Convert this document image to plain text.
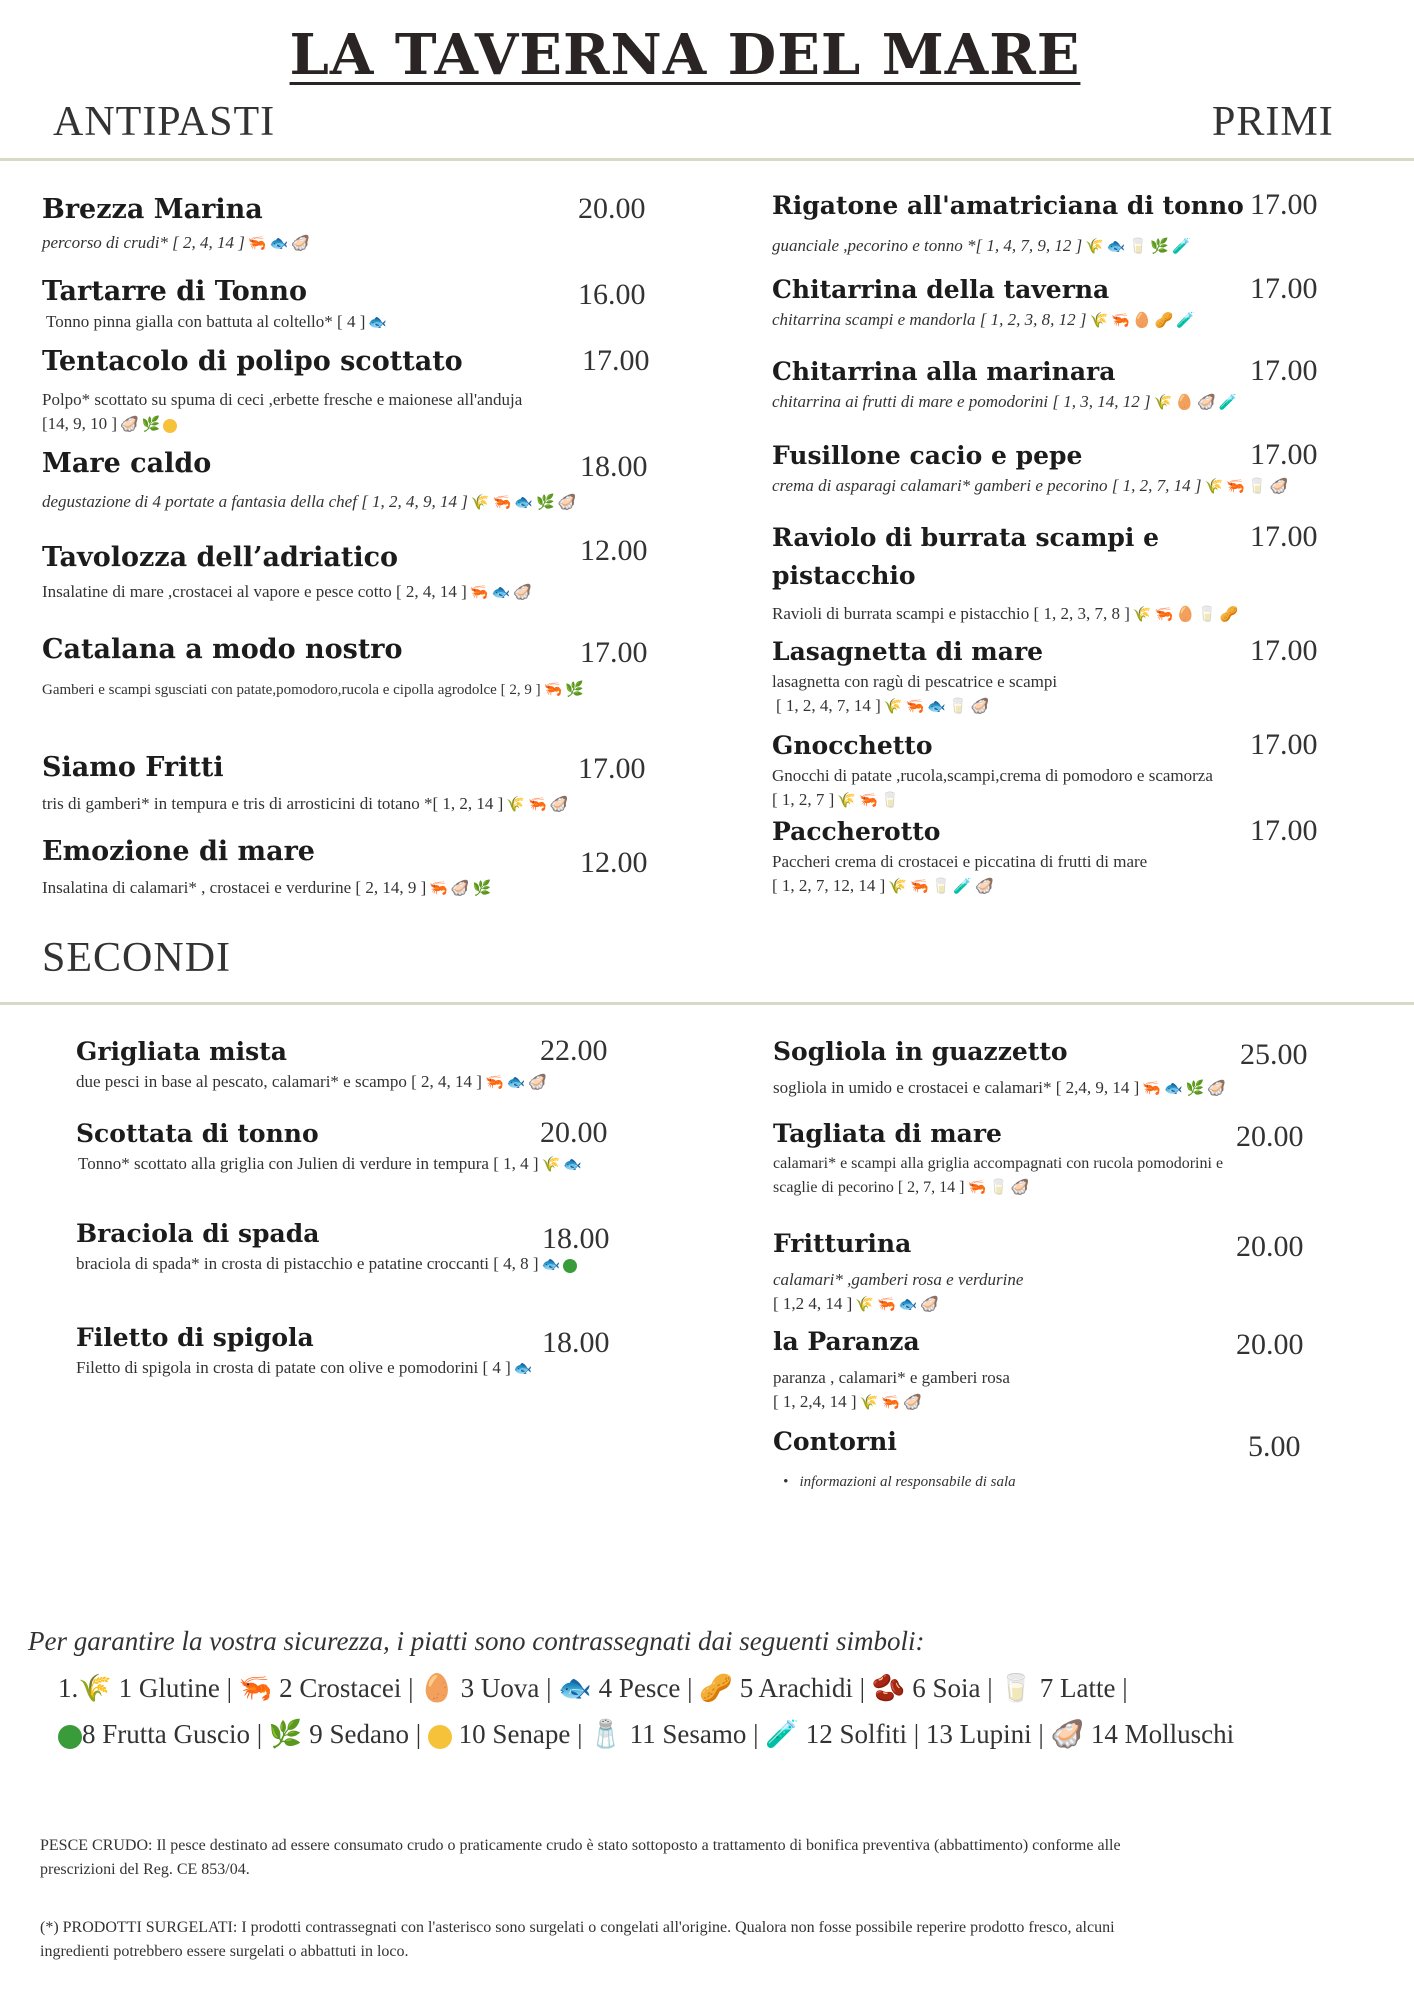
LA TAVERNA DEL MARE
ANTIPASTI	PRIMI
Brezza Marina
percorso di crudi* [ 2, 4, 14 ] 🦐 🐟 🦪
20.00
Tartarre di Tonno
Tonno pinna gialla con battuta al coltello* [ 4 ] 🐟
16.00
Tentacolo di polipo scottato
Polpo* scottato su spuma di ceci ,erbette fresche e maionese all'anduja
[14, 9, 10 ] 🦪 🌿
17.00
Mare caldo
degustazione di 4 portate a fantasia della chef [ 1, 2, 4, 9, 14 ] 🌾 🦐 🐟 🌿 🦪
18.00
Tavolozza dell’adriatico
Insalatine di mare ,crostacei al vapore e pesce cotto [ 2, 4, 14 ] 🦐 🐟 🦪
12.00
Catalana a modo nostro
Gamberi e scampi sgusciati con patate,pomodoro,rucola e cipolla agrodolce [ 2, 9 ] 🦐 🌿
17.00
Siamo Fritti
tris di gamberi* in tempura e tris di arrosticini di totano *[ 1, 2, 14 ] 🌾 🦐 🦪
17.00
Emozione di mare
Insalatina di calamari* , crostacei e verdurine [ 2, 14, 9 ] 🦐 🦪 🌿
12.00
Rigatone all'amatriciana di tonno
guanciale ,pecorino e tonno *[ 1, 4, 7, 9, 12 ] 🌾 🐟 🥛 🌿 🧪
17.00
Chitarrina della taverna
chitarrina scampi e mandorla [ 1, 2, 3, 8, 12 ] 🌾 🦐 🥚 🥜 🧪
17.00
Chitarrina alla marinara
chitarrina ai frutti di mare e pomodorini [ 1, 3, 14, 12 ] 🌾 🥚 🦪 🧪
17.00
Fusillone cacio e pepe
crema di asparagi calamari* gamberi e pecorino [ 1, 2, 7, 14 ] 🌾 🦐 🥛 🦪
17.00
Raviolo di burrata scampi e
pistacchio
Ravioli di burrata scampi e pistacchio [ 1, 2, 3, 7, 8 ] 🌾 🦐 🥚 🥛 🥜
17.00
Lasagnetta di mare
lasagnetta con ragù di pescatrice e scampi
[ 1, 2, 4, 7, 14 ] 🌾 🦐 🐟 🥛 🦪
17.00
Gnocchetto
Gnocchi di patate ,rucola,scampi,crema di pomodoro e scamorza
[ 1, 2, 7 ] 🌾 🦐 🥛
17.00
Paccherotto
Paccheri crema di crostacei e piccatina di frutti di mare
[ 1, 2, 7, 12, 14 ] 🌾 🦐 🥛 🧪 🦪
17.00
SECONDI
Grigliata mista
due pesci in base al pescato, calamari* e scampo [ 2, 4, 14 ] 🦐 🐟 🦪
22.00
Scottata di tonno
Tonno* scottato alla griglia con Julien di verdure in tempura [ 1, 4 ] 🌾 🐟
20.00
Braciola di spada
braciola di spada* in crosta di pistacchio e patatine croccanti [ 4, 8 ] 🐟
18.00
Filetto di spigola
Filetto di spigola in crosta di patate con olive e pomodorini [ 4 ] 🐟
18.00
Sogliola in guazzetto
sogliola in umido e crostacei e calamari* [ 2,4, 9, 14 ] 🦐 🐟 🌿 🦪
25.00
Tagliata di mare
calamari* e scampi alla griglia accompagnati con rucola pomodorini e
scaglie di pecorino [ 2, 7, 14 ] 🦐 🥛 🦪
20.00
Fritturina
calamari* ,gamberi rosa e verdurine
[ 1,2 4, 14 ] 🌾 🦐 🐟 🦪
20.00
la Paranza
paranza , calamari* e gamberi rosa
[ 1, 2,4, 14 ] 🌾 🦐 🦪
20.00
Contorni
•   informazioni al responsabile di sala
5.00
Per garantire la vostra sicurezza, i piatti sono contrassegnati dai seguenti simboli:
1.🌾 1 Glutine | 🦐 2 Crostacei | 🥚 3 Uova | 🐟 4 Pesce | 🥜 5 Arachidi | 🫘 6 Soia | 🥛 7 Latte |
8 Frutta Guscio | 🌿 9 Sedano |  10 Senape | 🧂 11 Sesamo | 🧪 12 Solfiti | 13 Lupini | 🦪 14 Molluschi
PESCE CRUDO: Il pesce destinato ad essere consumato crudo o praticamente crudo è stato sottoposto a trattamento di bonifica preventiva (abbattimento) conforme alle
prescrizioni del Reg. CE 853/04.
(*) PRODOTTI SURGELATI: I prodotti contrassegnati con l'asterisco sono surgelati o congelati all'origine. Qualora non fosse possibile reperire prodotto fresco, alcuni
ingredienti potrebbero essere surgelati o abbattuti in loco.
